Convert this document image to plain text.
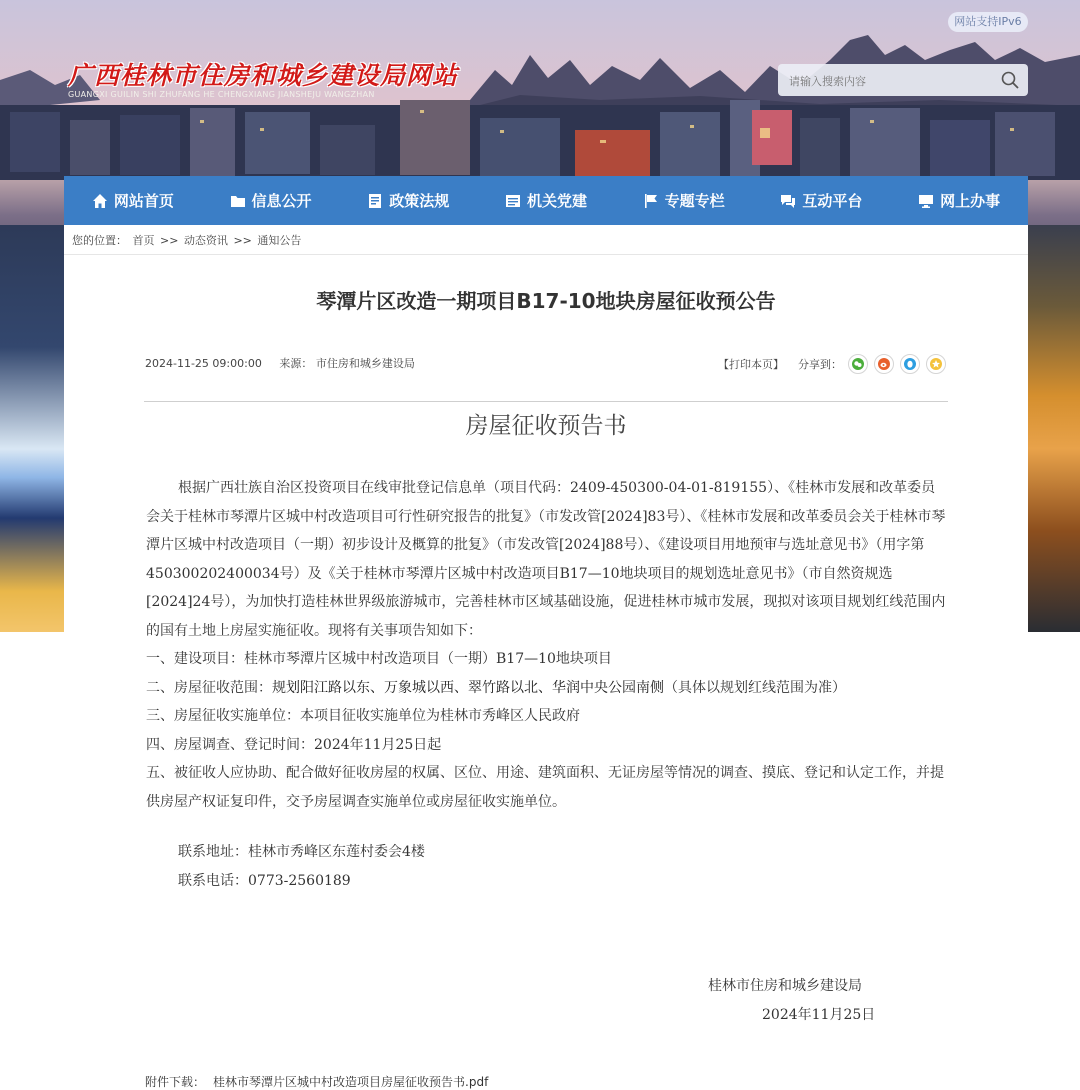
网站支持IPv6
广西桂林市住房和城乡建设局网站
GUANGXI GUILIN SHI ZHUFANG HE CHENGXIANG JIANSHEJU WANGZHAN
请输入搜索内容
网站首页	信息公开	政策法规	机关党建	专题专栏	互动平台	网上办事
您的位置： 首页 >> 动态资讯 >> 通知公告
琴潭片区改造一期项目B17-10地块房屋征收预公告
2024-11-25 09:00:00 来源： 市住房和城乡建设局	【打印本页】 分享到：
房屋征收预告书

根据广西壮族自治区投资项目在线审批登记信息单（项目代码：2409-450300-04-01-819155）、《桂林市发展和改革委员会关于桂林市琴潭片区城中村改造项目可行性研究报告的批复》（市发改管[2024]83号）、《桂林市发展和改革委员会关于桂林市琴潭片区城中村改造项目（一期）初步设计及概算的批复》（市发改管[2024]88号）、《建设项目用地预审与选址意见书》（用字第450300202400034号）及《关于桂林市琴潭片区城中村改造项目B17—10地块项目的规划选址意见书》（市自然资规选[2024]24号），为加快打造桂林世界级旅游城市，完善桂林市区域基础设施，促进桂林市城市发展，现拟对该项目规划红线范围内的国有土地上房屋实施征收。现将有关事项告知如下：

一、建设项目：桂林市琴潭片区城中村改造项目（一期）B17—10地块项目

二、房屋征收范围：规划阳江路以东、万象城以西、翠竹路以北、华润中央公园南侧（具体以规划红线范围为准）

三、房屋征收实施单位：本项目征收实施单位为桂林市秀峰区人民政府

四、房屋调查、登记时间：2024年11月25日起

五、被征收人应协助、配合做好征收房屋的权属、区位、用途、建筑面积、无证房屋等情况的调查、摸底、登记和认定工作，并提供房屋产权证复印件，交予房屋调查实施单位或房屋征收实施单位。

联系地址：桂林市秀峰区东莲村委会4楼

联系电话：0773-2560189

桂林市住房和城乡建设局
2024年11月25日
附件下载： 桂林市琴潭片区城中村改造项目房屋征收预告书.pdf
